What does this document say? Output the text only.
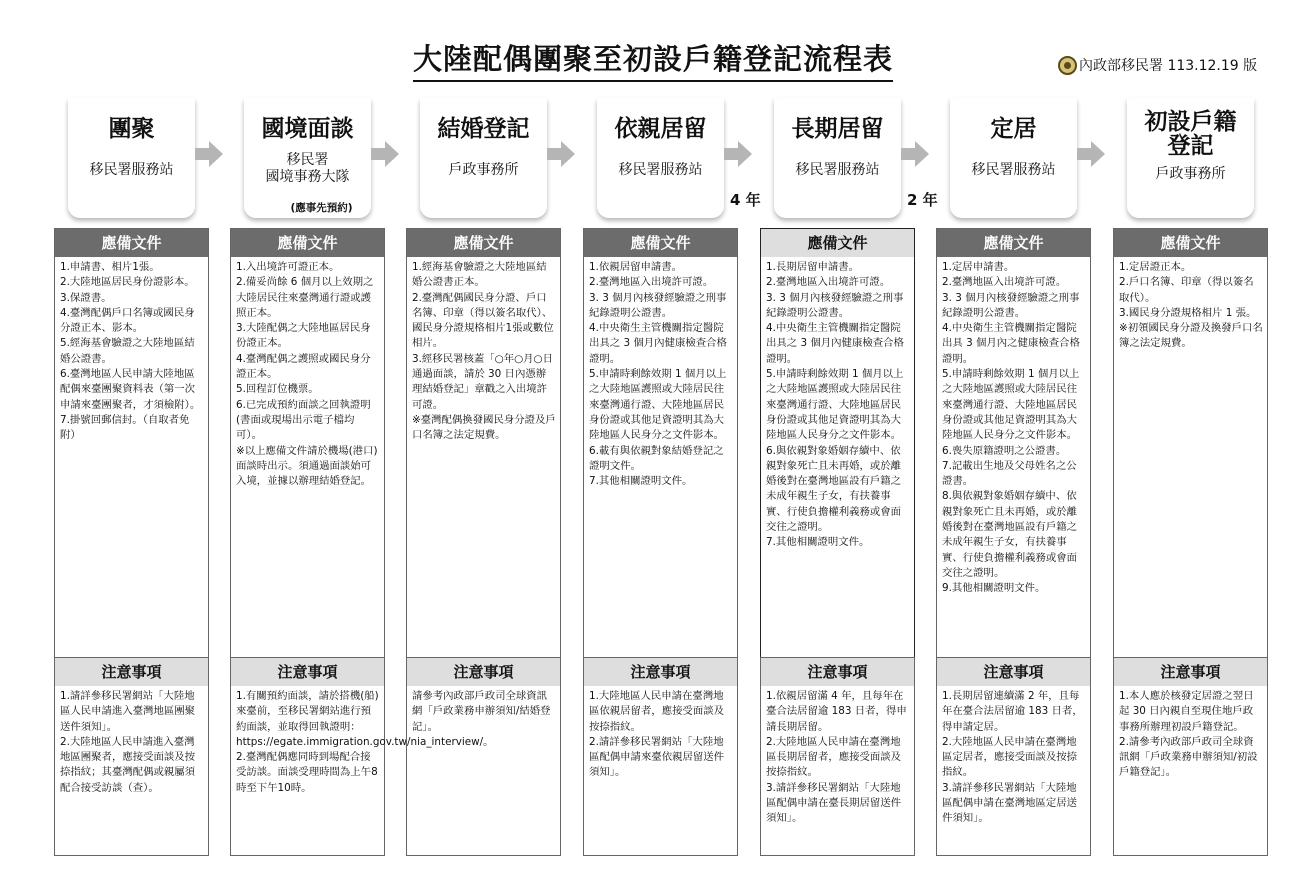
大陸配偶團聚至初設戶籍登記流程表	內政部移民署 113.12.19 版
團聚
移民署服務站
應備文件
1.申請書、相片1張。
2.大陸地區居民身份證影本。
3.保證書。
4.臺灣配偶戶口名簿或國民身分證正本、影本。
5.經海基會驗證之大陸地區結婚公證書。
6.臺灣地區人民申請大陸地區配偶來臺團聚資料表（第一次申請來臺團聚者，才須檢附）。
7.掛號回郵信封。（自取者免附）
注意事項
1.請詳參移民署網站「大陸地區人民申請進入臺灣地區團聚送件須知」。
2.大陸地區人民申請進入臺灣地區團聚者，應接受面談及按捺指紋；其臺灣配偶或親屬須配合接受訪談（查）。
國境面談
移民署
國境事務大隊
(應事先預約)
應備文件
1.入出境許可證正本。
2.備妥尚餘 6 個月以上效期之大陸居民往來臺灣通行證或護照正本。
3.大陸配偶之大陸地區居民身份證正本。
4.臺灣配偶之護照或國民身分證正本。
5.回程訂位機票。
6.已完成預約面談之回執證明(書面或現場出示電子檔均可）。
※以上應備文件請於機場(港口)面談時出示。須通過面談始可入境，並據以辦理結婚登記。
注意事項
1.有關預約面談，請於搭機(船)來臺前，至移民署網站進行預約面談，並取得回執證明：https://egate.immigration.gov.tw/nia_interview/。
2.臺灣配偶應同時到場配合接受訪談。面談受理時間為上午8時至下午10時。
結婚登記
戶政事務所
應備文件
1.經海基會驗證之大陸地區結婚公證書正本。
2.臺灣配偶國民身分證、戶口名簿、印章（得以簽名取代）、國民身分證規格相片1張或數位相片。
3.經移民署核蓋「○年○月○日通過面談，請於 30 日內憑辦理結婚登記」章戳之入出境許可證。
※臺灣配偶換發國民身分證及戶口名簿之法定規費。
注意事項
請參考內政部戶政司全球資訊網「戶政業務申辦須知/結婚登記」。
依親居留
移民署服務站
應備文件
1.依親居留申請書。
2.臺灣地區入出境許可證。
3. 3 個月內核發經驗證之刑事紀錄證明公證書。
4.中央衛生主管機關指定醫院出具之 3 個月內健康檢查合格證明。
5.申請時剩餘效期 1 個月以上之大陸地區護照或大陸居民往來臺灣通行證、大陸地區居民身份證或其他足資證明其為大陸地區人民身分之文件影本。
6.載有與依親對象結婚登記之證明文件。
7.其他相關證明文件。
注意事項
1.大陸地區人民申請在臺灣地區依親居留者，應接受面談及按捺指紋。
2.請詳參移民署網站「大陸地區配偶申請來臺依親居留送件須知」。
長期居留
移民署服務站
應備文件
1.長期居留申請書。
2.臺灣地區入出境許可證。
3. 3 個月內核發經驗證之刑事紀錄證明公證書。
4.中央衛生主管機關指定醫院出具之 3 個月內健康檢查合格證明。
5.申請時剩餘效期 1 個月以上之大陸地區護照或大陸居民往來臺灣通行證、大陸地區居民身份證或其他足資證明其為大陸地區人民身分之文件影本。
6.與依親對象婚姻存續中、依親對象死亡且未再婚，或於離婚後對在臺灣地區設有戶籍之未成年親生子女，有扶養事實、行使負擔權利義務或會面交往之證明。
7.其他相關證明文件。
注意事項
1.依親居留滿 4 年，且每年在臺合法居留逾 183 日者，得申請長期居留。
2.大陸地區人民申請在臺灣地區長期居留者，應接受面談及按捺指紋。
3.請詳參移民署網站「大陸地區配偶申請在臺長期居留送件須知」。
定居
移民署服務站
應備文件
1.定居申請書。
2.臺灣地區入出境許可證。
3. 3 個月內核發經驗證之刑事紀錄證明公證書。
4.中央衛生主管機關指定醫院出具 3 個月內之健康檢查合格證明。
5.申請時剩餘效期 1 個月以上之大陸地區護照或大陸居民往來臺灣通行證、大陸地區居民身份證或其他足資證明其為大陸地區人民身分之文件影本。
6.喪失原籍證明之公證書。
7.記載出生地及父母姓名之公證書。
8.與依親對象婚姻存續中、依親對象死亡且未再婚，或於離婚後對在臺灣地區設有戶籍之未成年親生子女，有扶養事實、行使負擔權利義務或會面交往之證明。
9.其他相關證明文件。
注意事項
1.長期居留連續滿 2 年，且每年在臺合法居留逾 183 日者，得申請定居。
2.大陸地區人民申請在臺灣地區定居者，應接受面談及按捺指紋。
3.請詳參移民署網站「大陸地區配偶申請在臺灣地區定居送件須知」。
初設戶籍登記
戶政事務所
應備文件
1.定居證正本。
2.戶口名簿、印章（得以簽名取代）。
3.國民身分證規格相片 1 張。
※初領國民身分證及換發戶口名簿之法定規費。
注意事項
1.本人應於核發定居證之翌日起 30 日內親自至現住地戶政事務所辦理初設戶籍登記。
2.請參考內政部戶政司全球資訊網「戶政業務申辦須知/初設戶籍登記」。
4 年	2 年
